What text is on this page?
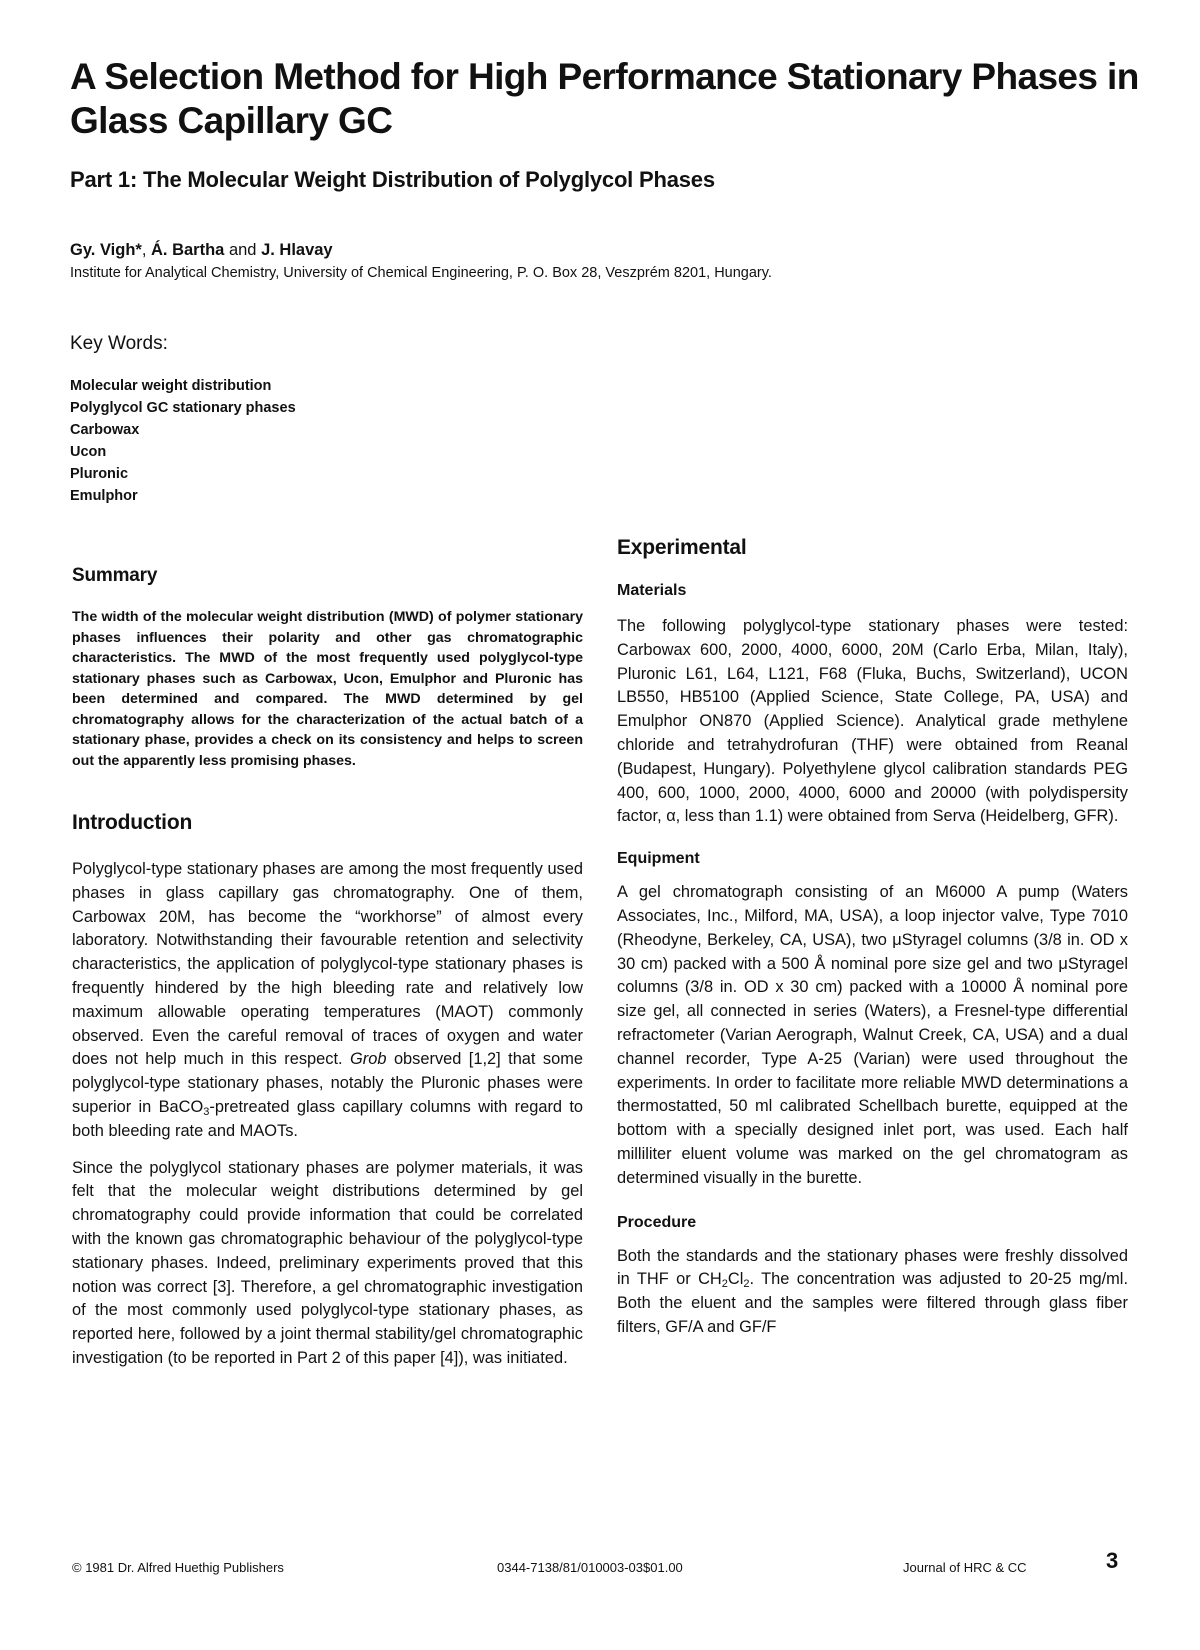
A Selection Method for High Performance Stationary Phases in Glass Capillary GC
Part 1: The Molecular Weight Distribution of Polyglycol Phases
Gy. Vigh*, Á. Bartha and J. Hlavay
Institute for Analytical Chemistry, University of Chemical Engineering, P. O. Box 28, Veszprém 8201, Hungary.
Key Words:
Molecular weight distribution
Polyglycol GC stationary phases
Carbowax
Ucon
Pluronic
Emulphor
Summary

The width of the molecular weight distribution (MWD) of polymer stationary phases influences their polarity and other gas chromatographic characteristics. The MWD of the most frequently used polyglycol-type stationary phases such as Carbowax, Ucon, Emulphor and Pluronic has been determined and compared. The MWD determined by gel chromatography allows for the characterization of the actual batch of a stationary phase, provides a check on its consistency and helps to screen out the apparently less promising phases.

Introduction

Polyglycol-type stationary phases are among the most frequently used phases in glass capillary gas chromatography. One of them, Carbowax 20M, has become the “workhorse” of almost every laboratory. Notwithstanding their favourable retention and selectivity characteristics, the application of polyglycol-type stationary phases is frequently hindered by the high bleeding rate and relatively low maximum allowable operating temperatures (MAOT) commonly observed. Even the careful removal of traces of oxygen and water does not help much in this respect. Grob observed [1,2] that some polyglycol-type stationary phases, notably the Pluronic phases were superior in BaCO$_3$-pretreated glass capillary columns with regard to both bleeding rate and MAOTs.

Since the polyglycol stationary phases are polymer materials, it was felt that the molecular weight distributions determined by gel chromatography could provide information that could be correlated with the known gas chromatographic behaviour of the polyglycol-type stationary phases. Indeed, preliminary experiments proved that this notion was correct [3]. Therefore, a gel chromatographic investigation of the most commonly used polyglycol-type stationary phases, as reported here, followed by a joint thermal stability/gel chromatographic investigation (to be reported in Part 2 of this paper [4]), was initiated.

Experimental
Materials

The following polyglycol-type stationary phases were tested: Carbowax 600, 2000, 4000, 6000, 20M (Carlo Erba, Milan, Italy), Pluronic L61, L64, L121, F68 (Fluka, Buchs, Switzerland), UCON LB550, HB5100 (Applied Science, State College, PA, USA) and Emulphor ON870 (Applied Science). Analytical grade methylene chloride and tetrahydrofuran (THF) were obtained from Reanal (Budapest, Hungary). Polyethylene glycol calibration standards PEG 400, 600, 1000, 2000, 4000, 6000 and 20000 (with polydispersity factor, α, less than 1.1) were obtained from Serva (Heidelberg, GFR).

Equipment

A gel chromatograph consisting of an M6000 A pump (Waters Associates, Inc., Milford, MA, USA), a loop injector valve, Type 7010 (Rheodyne, Berkeley, CA, USA), two μStyragel columns (3/8 in. OD x 30 cm) packed with a 500 Å nominal pore size gel and two μStyragel columns (3/8 in. OD x 30 cm) packed with a 10000 Å nominal pore size gel, all connected in series (Waters), a Fresnel-type differential refractometer (Varian Aerograph, Walnut Creek, CA, USA) and a dual channel recorder, Type A-25 (Varian) were used throughout the experiments. In order to facilitate more reliable MWD determinations a thermostatted, 50 ml calibrated Schellbach burette, equipped at the bottom with a specially designed inlet port, was used. Each half milliliter eluent volume was marked on the gel chromatogram as determined visually in the burette.

Procedure

Both the standards and the stationary phases were freshly dissolved in THF or $CH_2Cl_2$. The concentration was adjusted to 20-25 mg/ml. Both the eluent and the samples were filtered through glass fiber filters, GF/A and GF/F

© 1981 Dr. Alfred Huethig Publishers	0344-7138/81/010003-03$01.00	Journal of HRC & CC	3
